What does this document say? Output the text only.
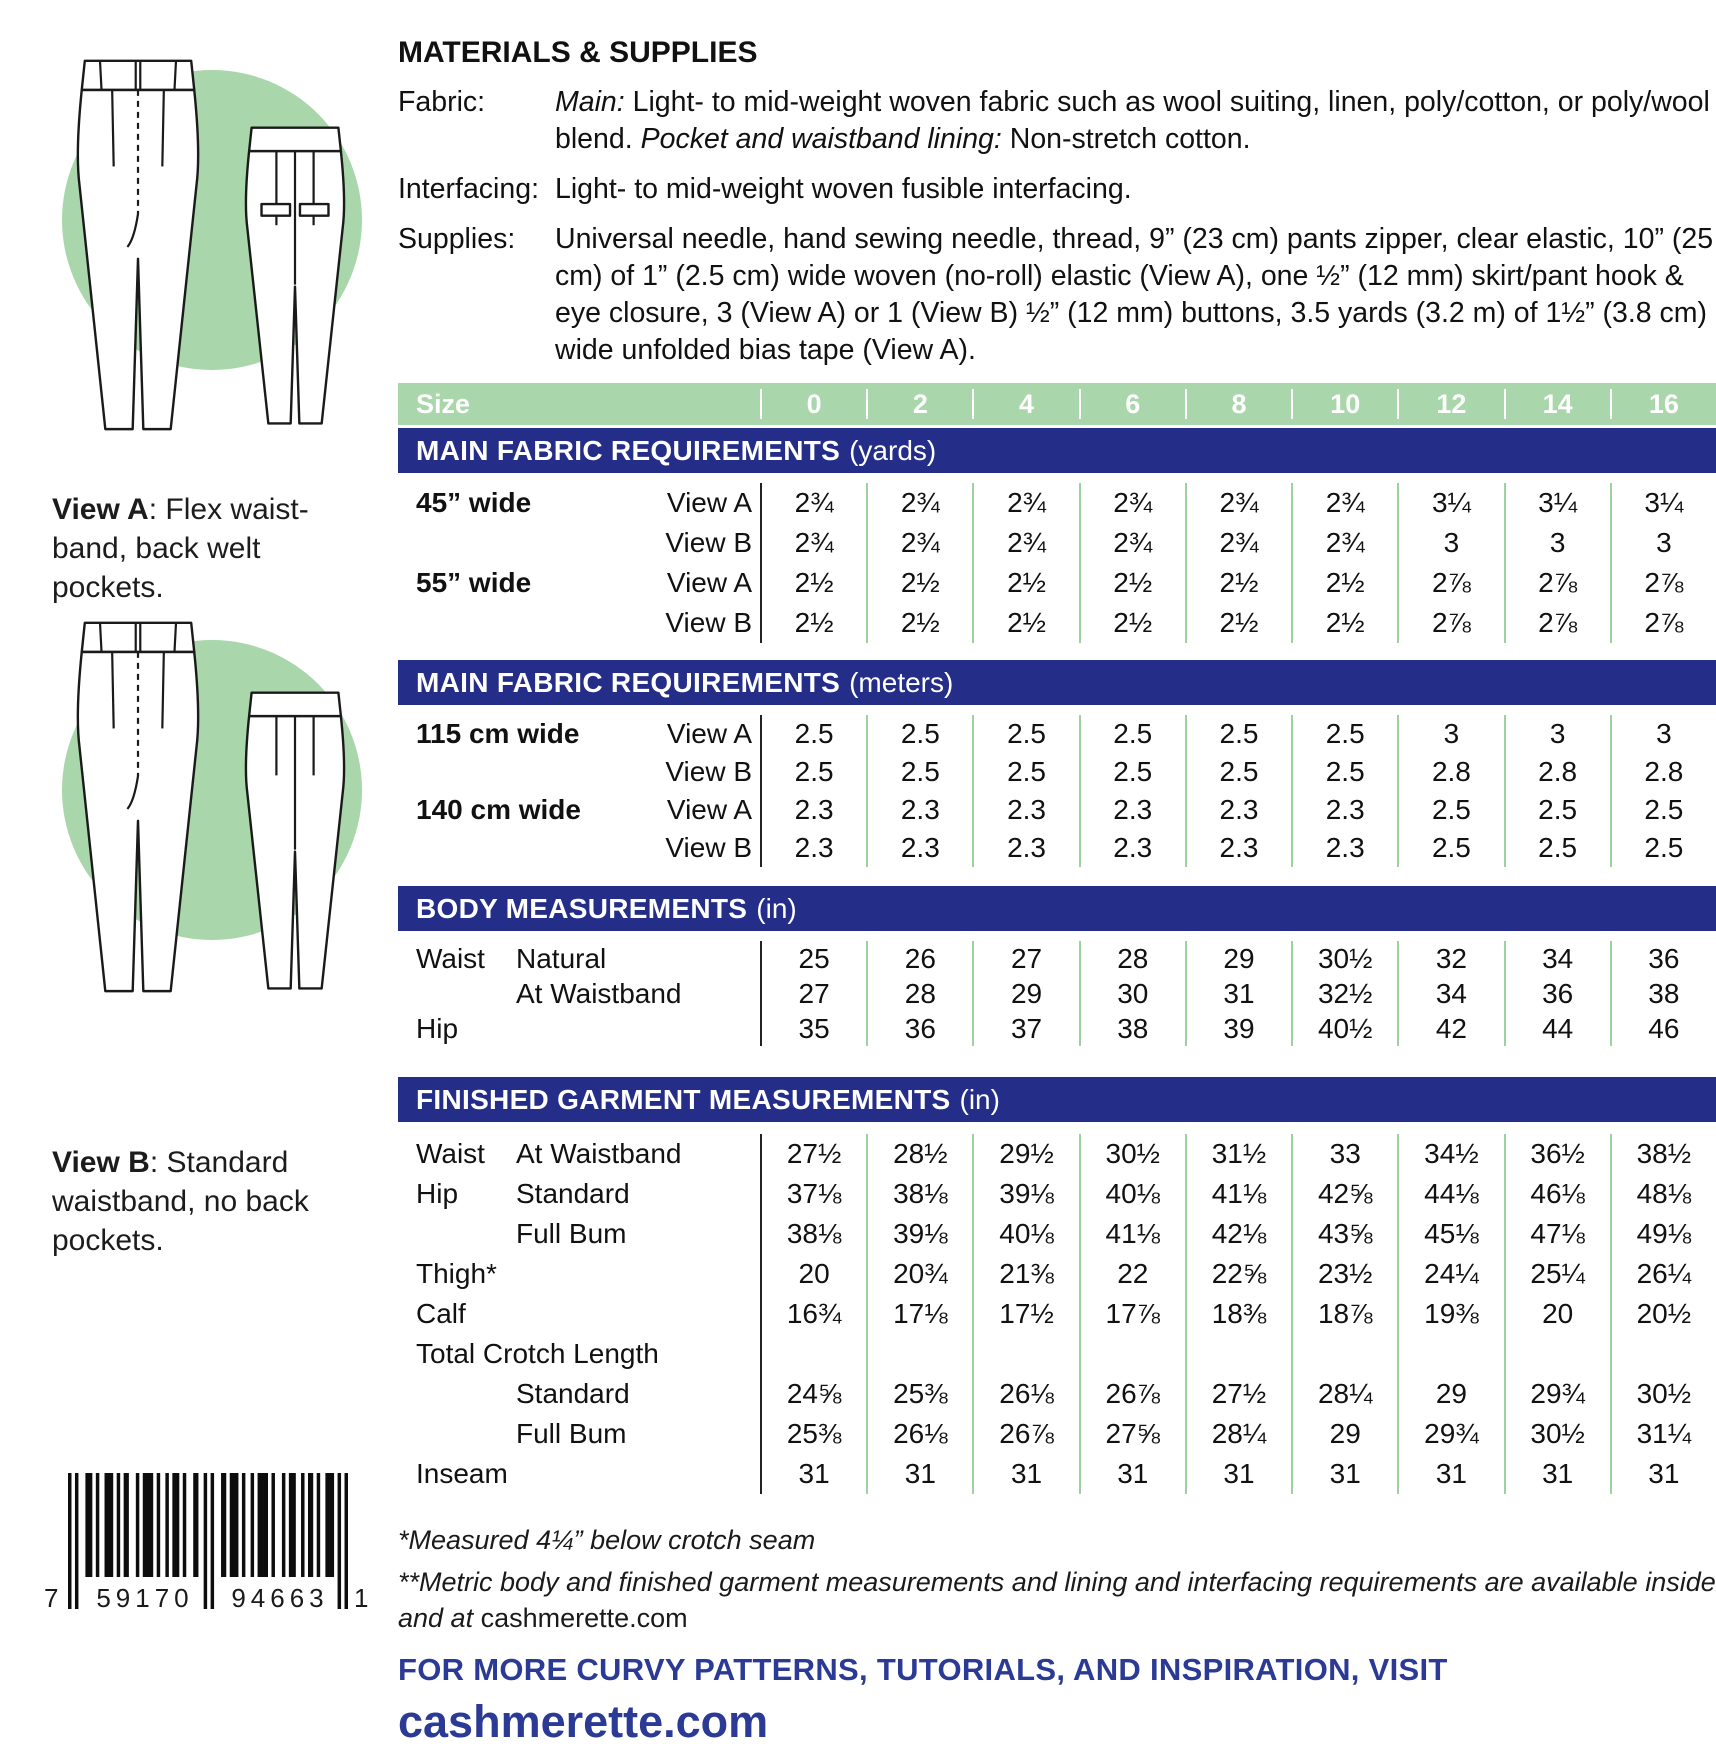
View A: Flex waist-
band, back welt
pockets.

View B: Standard
waistband, no back
pockets.

7 59170 94663 1
MATERIALS & SUPPLIES
Fabric:	Main: Light- to mid-weight woven fabric such as wool suiting, linen, poly/cotton, or poly/wool blend. Pocket and waistband lining: Non-stretch cotton.
Interfacing: Light- to mid-weight woven fusible interfacing.
Supplies:	Universal needle, hand sewing needle, thread, 9” (23 cm) pants zipper, clear elastic, 10” (25 cm) of 1” (2.5 cm) wide woven (no-roll) elastic (View A), one ½” (12 mm) skirt/pant hook & eye closure, 3 (View A) or 1 (View B) ½” (12 mm) buttons, 3.5 yards (3.2 m) of 1½” (3.8 cm) wide unfolded bias tape (View A).
Size	0	2	4	6	8	10	12	14	16
MAIN FABRIC REQUIREMENTS (yards)
45” wide	View A	2¾	2¾	2¾	2¾	2¾	2¾	3¼	3¼	3¼
View B	2¾	2¾	2¾	2¾	2¾	2¾	3	3	3
55” wide	View A	2½	2½	2½	2½	2½	2½	2⅞	2⅞	2⅞
View B	2½	2½	2½	2½	2½	2½	2⅞	2⅞	2⅞
MAIN FABRIC REQUIREMENTS (meters)
115 cm wide	View A	2.5	2.5	2.5	2.5	2.5	2.5	3	3	3
View B	2.5	2.5	2.5	2.5	2.5	2.5	2.8	2.8	2.8
140 cm wide	View A	2.3	2.3	2.3	2.3	2.3	2.3	2.5	2.5	2.5
View B	2.3	2.3	2.3	2.3	2.3	2.3	2.5	2.5	2.5
BODY MEASUREMENTS (in)
Waist Natural	25	26	27	28	29	30½	32	34	36
At Waistband	27	28	29	30	31	32½	34	36	38
Hip	35	36	37	38	39	40½	42	44	46
FINISHED GARMENT MEASUREMENTS (in)
Waist At Waistband	27½	28½	29½	30½	31½	33	34½	36½	38½
Hip Standard	37⅛	38⅛	39⅛	40⅛	41⅛	42⅝	44⅛	46⅛	48⅛
Full Bum	38⅛	39⅛	40⅛	41⅛	42⅛	43⅝	45⅛	47⅛	49⅛
Thigh*	20	20¾	21⅜	22	22⅝	23½	24¼	25¼	26¼
Calf	16¾	17⅛	17½	17⅞	18⅜	18⅞	19⅜	20	20½
Total Crotch Length
Standard	24⅝	25⅜	26⅛	26⅞	27½	28¼	29	29¾	30½
Full Bum	25⅜	26⅛	26⅞	27⅝	28¼	29	29¾	30½	31¼
Inseam	31	31	31	31	31	31	31	31	31

*Measured 4¼” below crotch seam

**Metric body and finished garment measurements and lining and interfacing requirements are available inside and at cashmerette.com

FOR MORE CURVY PATTERNS, TUTORIALS, AND INSPIRATION, VISIT

cashmerette.com
